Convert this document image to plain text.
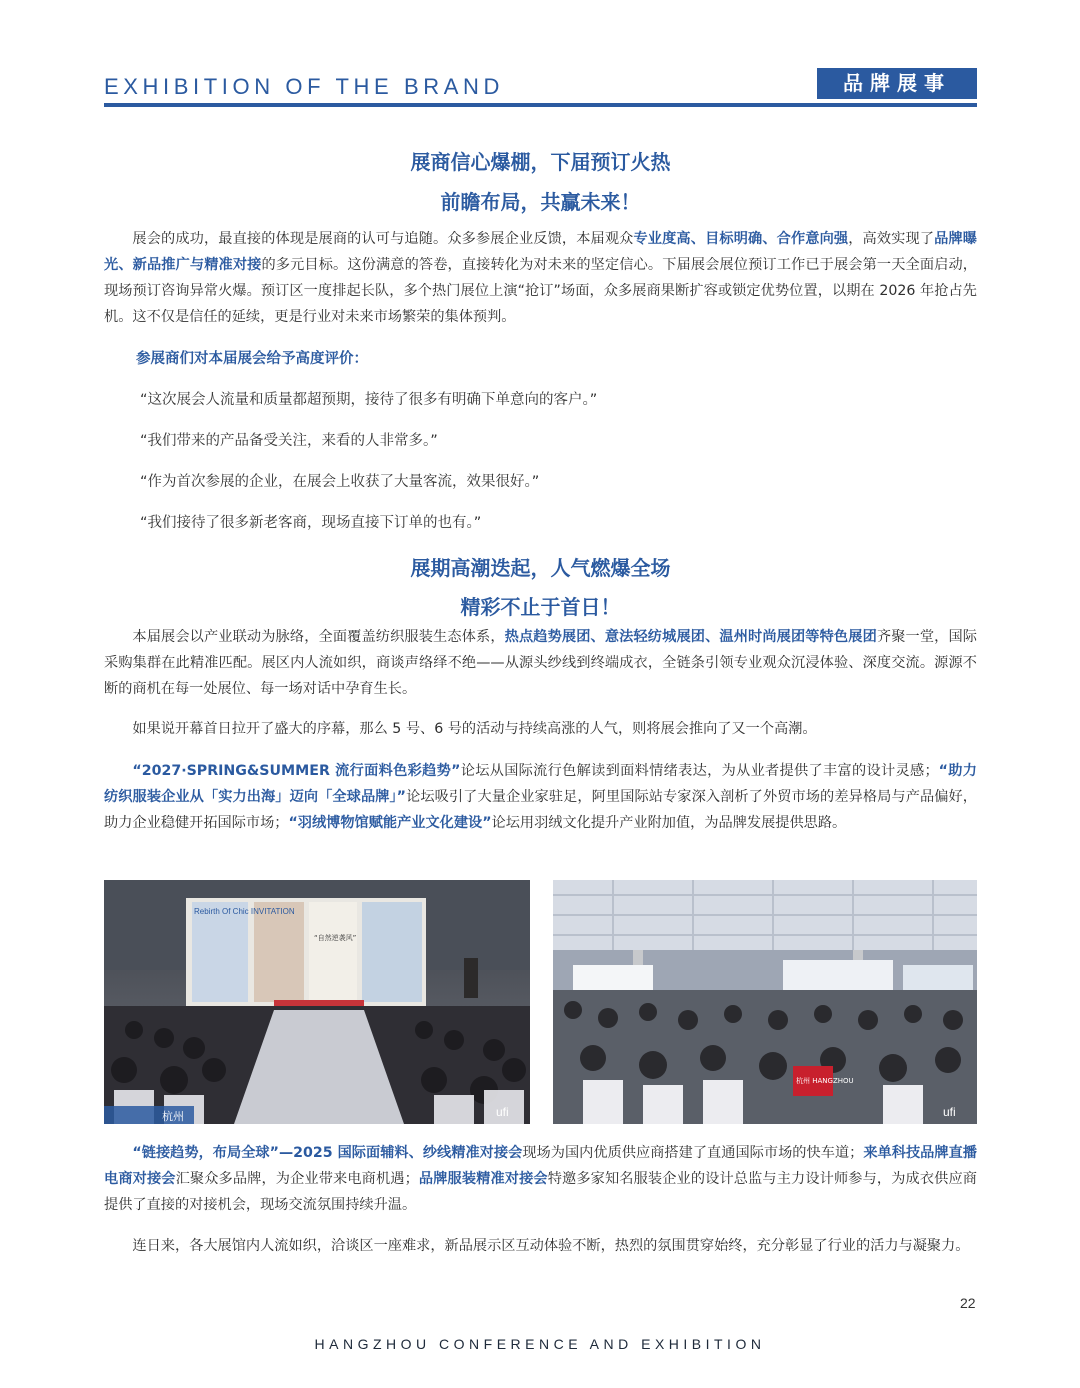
EXHIBITION OF THE BRAND	品牌展事
展商信心爆棚，下届预订火热
前瞻布局，共赢未来！

展会的成功，最直接的体现是展商的认可与追随。众多参展企业反馈，本届观众专业度高、目标明确、合作意向强，高效实现了品牌曝光、新品推广与精准对接的多元目标。这份满意的答卷，直接转化为对未来的坚定信心。下届展会展位预订工作已于展会第一天全面启动，现场预订咨询异常火爆。预订区一度排起长队，多个热门展位上演“抢订”场面，众多展商果断扩容或锁定优势位置，以期在 2026 年抢占先机。这不仅是信任的延续，更是行业对未来市场繁荣的集体预判。

参展商们对本届展会给予高度评价：
“这次展会人流量和质量都超预期，接待了很多有明确下单意向的客户。”
“我们带来的产品备受关注，来看的人非常多。”
“作为首次参展的企业，在展会上收获了大量客流，效果很好。”
“我们接待了很多新老客商，现场直接下订单的也有。”
展期高潮迭起，人气燃爆全场
精彩不止于首日！

本届展会以产业联动为脉络，全面覆盖纺织服装生态体系，热点趋势展团、意法轻纺城展团、温州时尚展团等特色展团齐聚一堂，国际采购集群在此精准匹配。展区内人流如织，商谈声络绎不绝——从源头纱线到终端成衣，全链条引领专业观众沉浸体验、深度交流。源源不断的商机在每一处展位、每一场对话中孕育生长。

如果说开幕首日拉开了盛大的序幕，那么 5 号、6 号的活动与持续高涨的人气，则将展会推向了又一个高潮。

“2027·SPRING&SUMMER 流行面料色彩趋势”论坛从国际流行色解读到面料情绪表达，为从业者提供了丰富的设计灵感；“助力纺织服装企业从「实力出海」迈向「全球品牌」”论坛吸引了大量企业家驻足，阿里国际站专家深入剖析了外贸市场的差异格局与产品偏好，助力企业稳健开拓国际市场；“羽绒博物馆赋能产业文化建设”论坛用羽绒文化提升产业附加值，为品牌发展提供思路。

“链接趋势，布局全球”—2025 国际面辅料、纱线精准对接会现场为国内优质供应商搭建了直通国际市场的快车道；来单科技品牌直播电商对接会汇聚众多品牌，为企业带来电商机遇；品牌服装精准对接会特邀多家知名服装企业的设计总监与主力设计师参与，为成衣供应商提供了直接的对接机会，现场交流氛围持续升温。

连日来，各大展馆内人流如织，洽谈区一座难求，新品展示区互动体验不断，热烈的氛围贯穿始终，充分彰显了行业的活力与凝聚力。

Rebirth Of Chic INVITATION
“自然逆袭风”
杭州	ufi
杭州 HANGZHOU
ufi
22
HANGZHOU CONFERENCE AND EXHIBITION
